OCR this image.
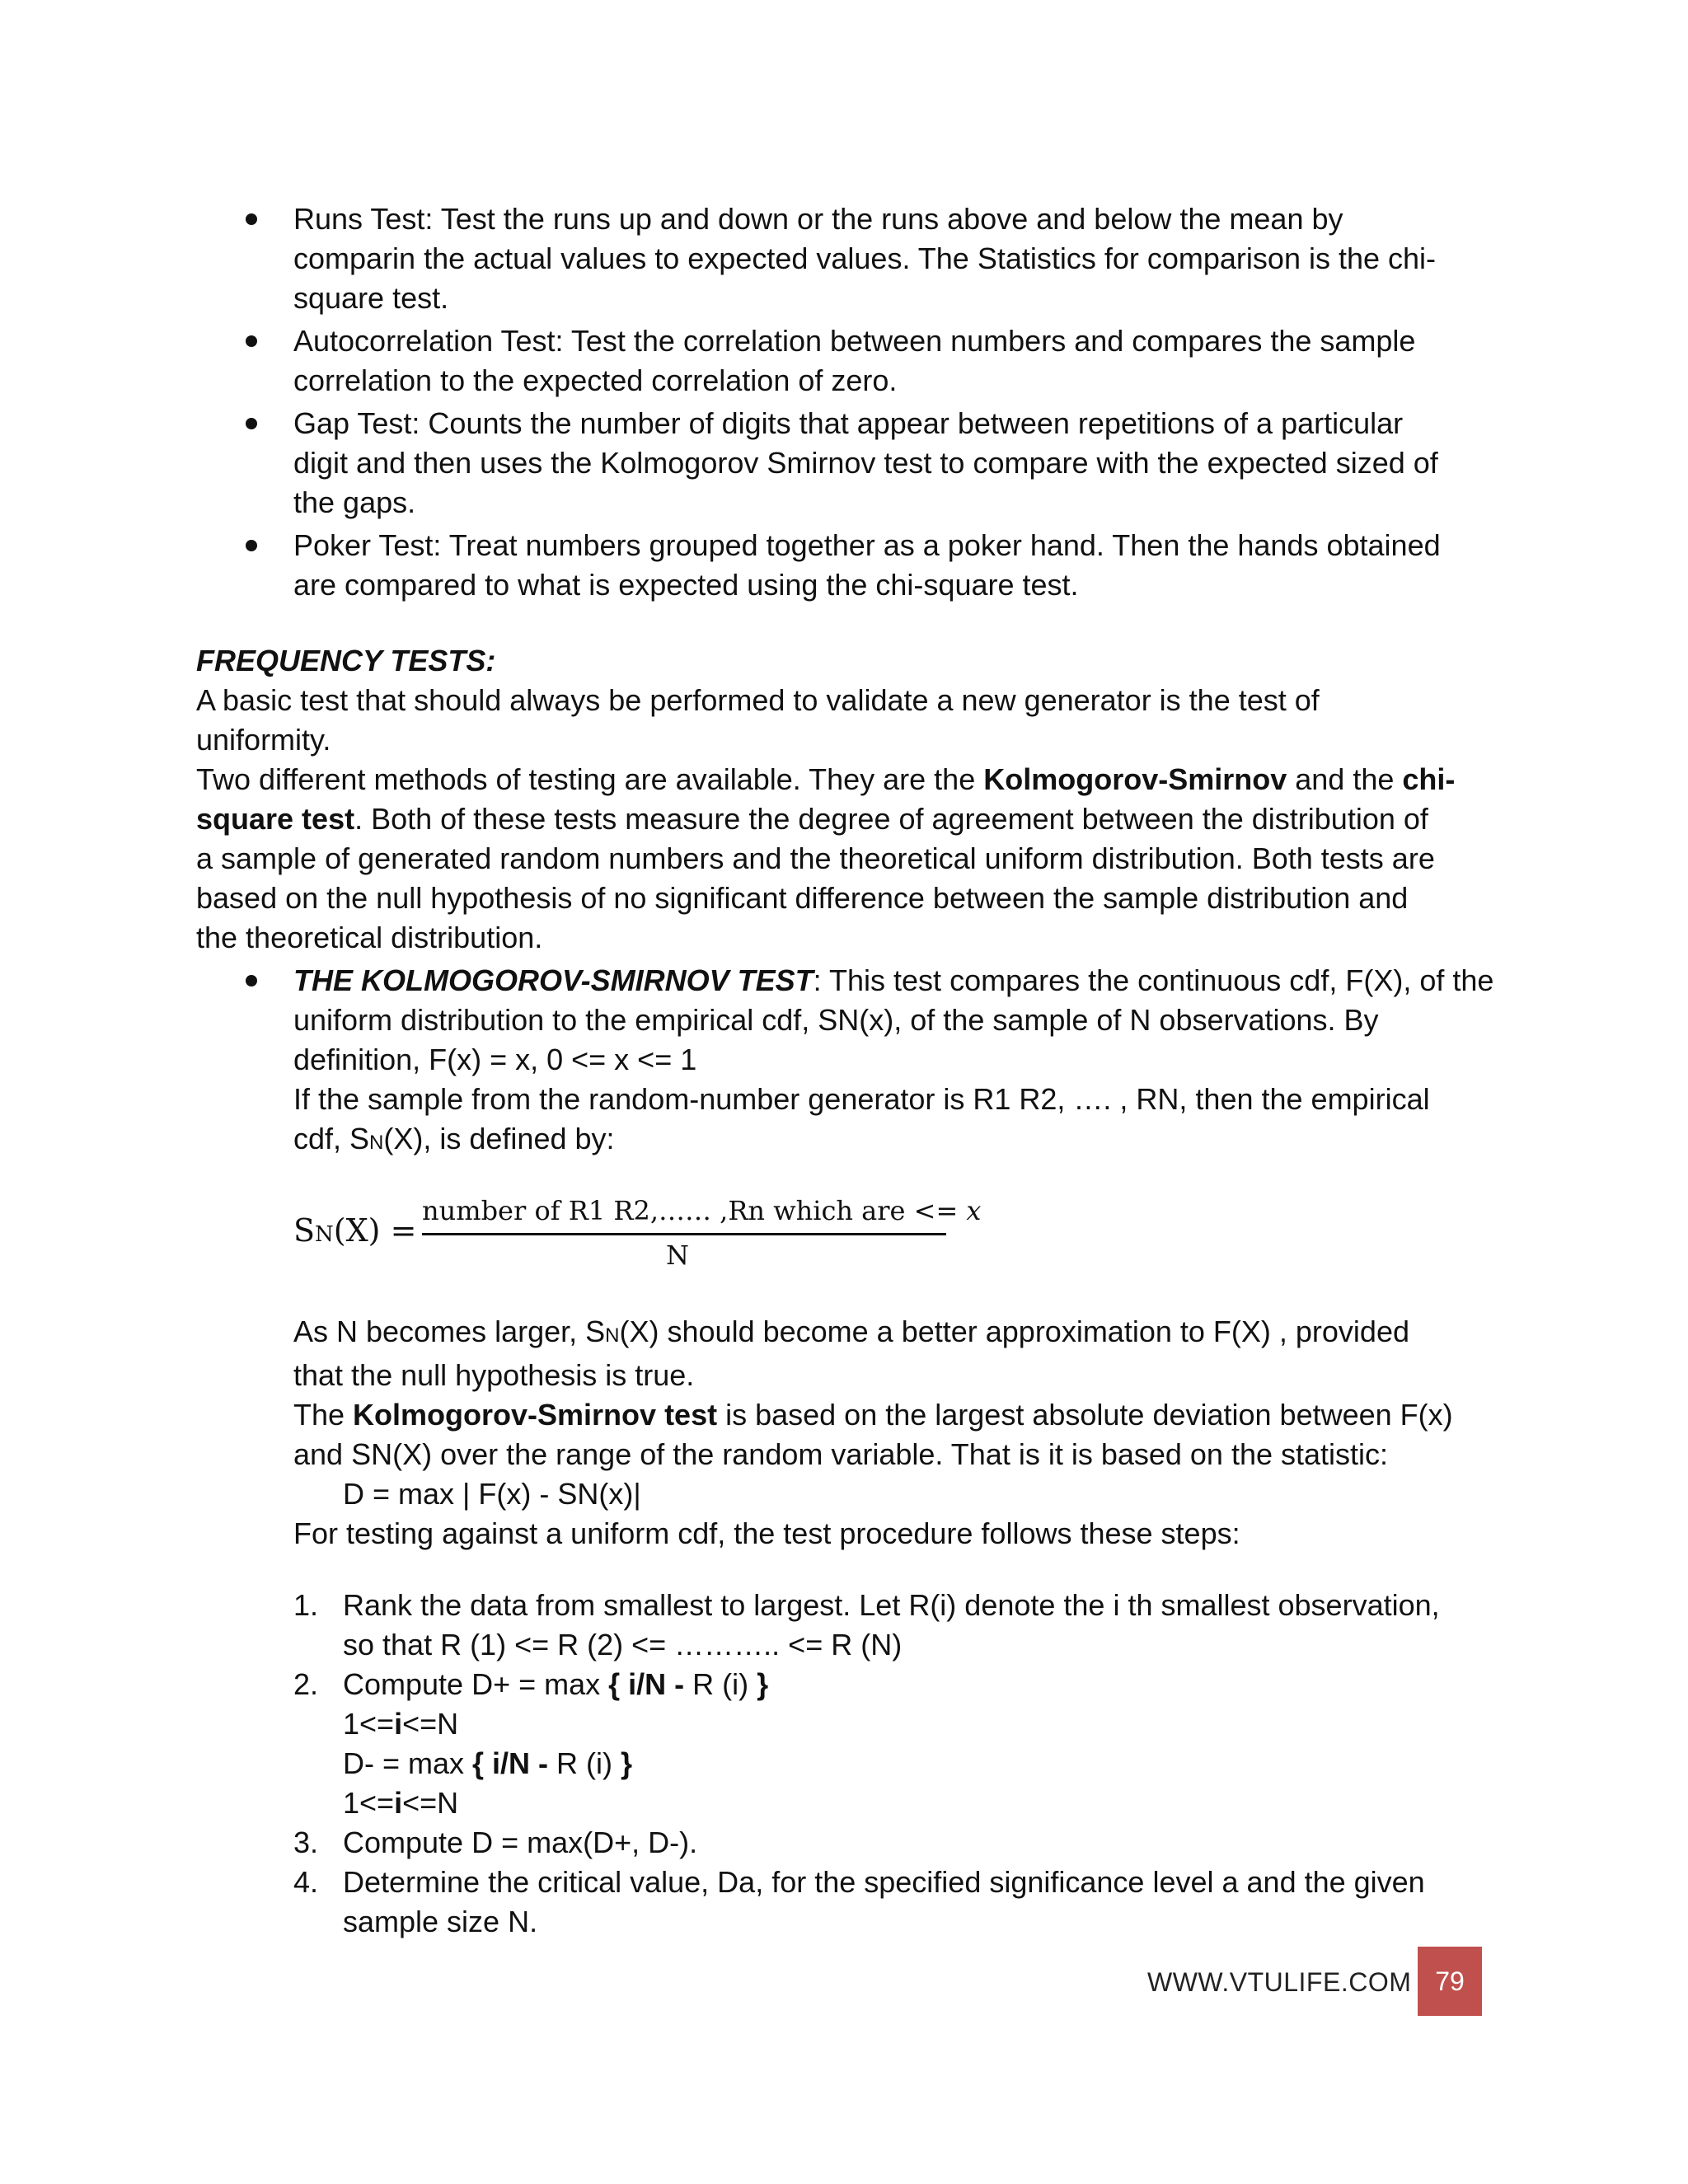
Runs Test: Test the runs up and down or the runs above and below the mean by
comparin the actual values to expected values. The Statistics for comparison is the chi-
square test.
Autocorrelation Test: Test the correlation between numbers and compares the sample
correlation to the expected correlation of zero.
Gap Test: Counts the number of digits that appear between repetitions of a particular
digit and then uses the Kolmogorov Smirnov test to compare with the expected sized of
the gaps.
Poker Test: Treat numbers grouped together as a poker hand. Then the hands obtained
are compared to what is expected using the chi-square test.
FREQUENCY TESTS:
A basic test that should always be performed to validate a new generator is the test of
uniformity.
Two different methods of testing are available. They are the Kolmogorov-Smirnov and the chi-
square test. Both of these tests measure the degree of agreement between the distribution of
a sample of generated random numbers and the theoretical uniform distribution. Both tests are
based on the null hypothesis of no significant difference between the sample distribution and
the theoretical distribution.
THE KOLMOGOROV-SMIRNOV TEST: This test compares the continuous cdf, F(X), of the
uniform distribution to the empirical cdf, SN(x), of the sample of N observations. By
definition, F(x) = x, 0 <= x <= 1
If the sample from the random-number generator is R1 R2, …. , RN, then the empirical
cdf, SN(X), is defined by:
SN(X) =
number of R1 R2,…… ,Rn which are <= 𝑥
N
As N becomes larger, SN(X) should become a better approximation to F(X) , provided
that the null hypothesis is true.
The Kolmogorov-Smirnov test is based on the largest absolute deviation between F(x)
and SN(X) over the range of the random variable. That is it is based on the statistic:
D = max | F(x) - SN(x)|
For testing against a uniform cdf, the test procedure follows these steps:
1. Rank the data from smallest to largest. Let R(i) denote the i th smallest observation,
so that R (1) <= R (2) <= ……….. <= R (N)
2. Compute D+ = max { i/N - R (i) }
1<=i<=N
D- = max { i/N - R (i) }
1<=i<=N
3. Compute D = max(D+, D-).
4. Determine the critical value, Da, for the specified significance level a and the given
sample size N.
WWW.VTULIFE.COM 79
